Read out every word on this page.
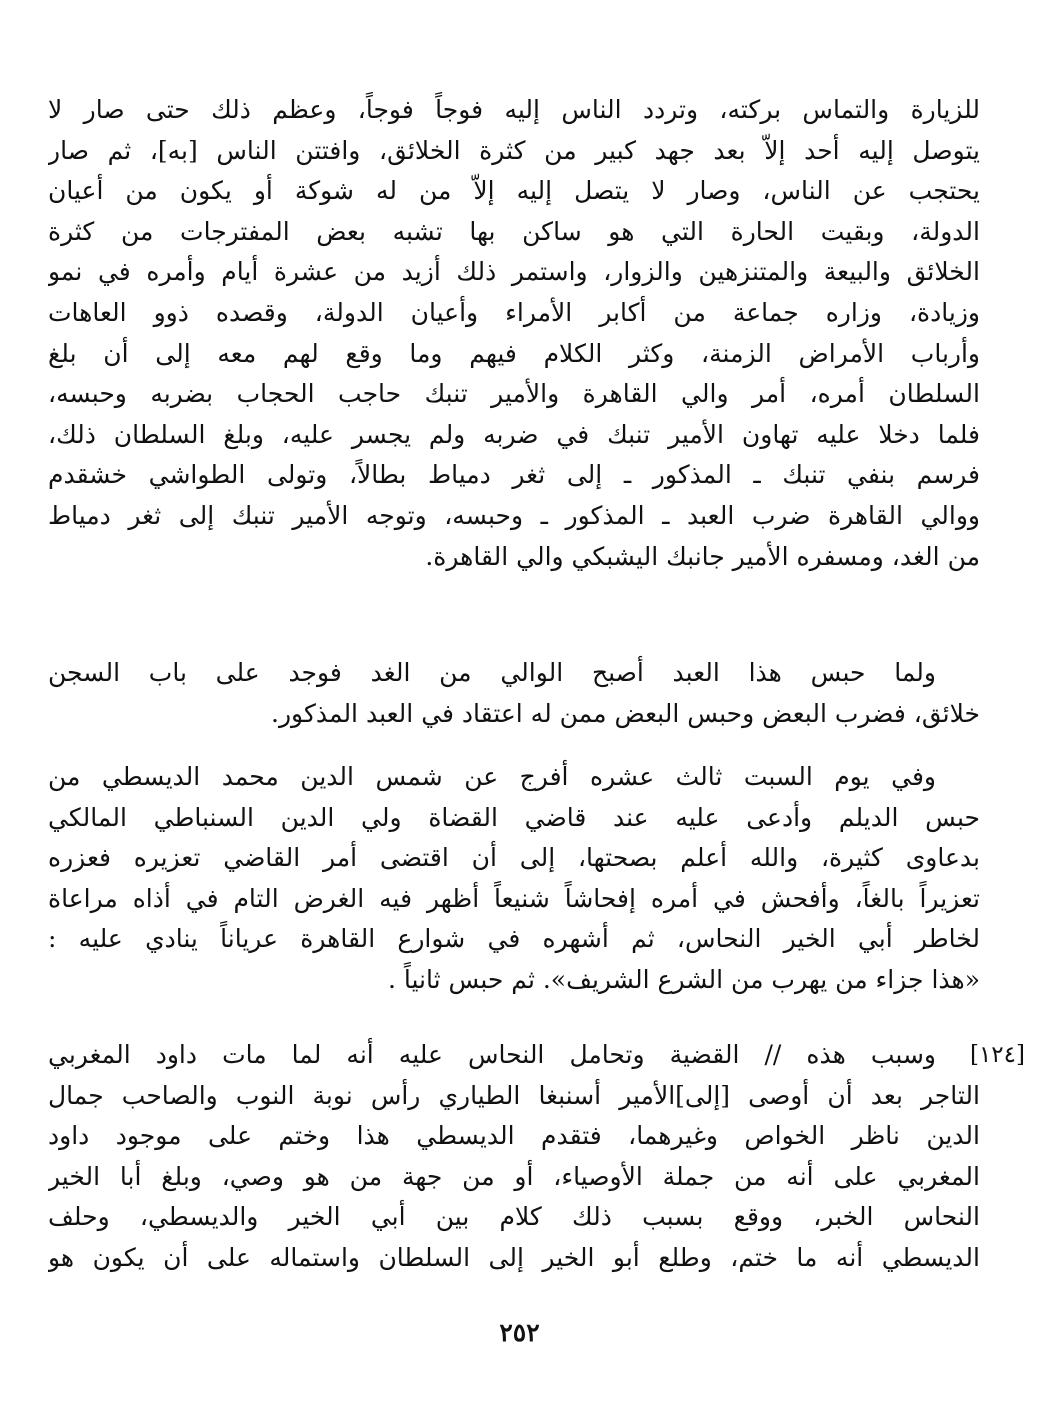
للزيارة والتماس بركته، وتردد الناس إليه فوجاً فوجاً، وعظم ذلك حتى صار لا
يتوصل إليه أحد إلاّ بعد جهد كبير من كثرة الخلائق، وافتتن الناس [به]، ثم صار
يحتجب عن الناس، وصار لا يتصل إليه إلاّ من له شوكة أو يكون من أعيان
الدولة، وبقيت الحارة التي هو ساكن بها تشبه بعض المفترجات من كثرة
الخلائق والبيعة والمتنزهين والزوار، واستمر ذلك أزيد من عشرة أيام وأمره في نمو
وزيادة، وزاره جماعة من أكابر الأمراء وأعيان الدولة، وقصده ذوو العاهات
وأرباب الأمراض الزمنة، وكثر الكلام فيهم وما وقع لهم معه إلى أن بلغ
السلطان أمره، أمر والي القاهرة والأمير تنبك حاجب الحجاب بضربه وحبسه،
فلما دخلا عليه تهاون الأمير تنبك في ضربه ولم يجسر عليه، وبلغ السلطان ذلك،
فرسم بنفي تنبك ـ المذكور ـ إلى ثغر دمياط بطالاً، وتولى الطواشي خشقدم
ووالي القاهرة ضرب العبد ـ المذكور ـ وحبسه، وتوجه الأمير تنبك إلى ثغر دمياط
من الغد، ومسفره الأمير جانبك اليشبكي والي القاهرة.
ولما حبس هذا العبد أصبح الوالي من الغد فوجد على باب السجن
خلائق، فضرب البعض وحبس البعض ممن له اعتقاد في العبد المذكور.
وفي يوم السبت ثالث عشره أفرج عن شمس الدين محمد الديسطي من
حبس الديلم وأدعى عليه عند قاضي القضاة ولي الدين السنباطي المالكي
بدعاوى كثيرة، والله أعلم بصحتها، إلى أن اقتضى أمر القاضي تعزيره فعزره
تعزيراً بالغاً، وأفحش في أمره إفحاشاً شنيعاً أظهر فيه الغرض التام في أذاه مراعاة
لخاطر أبي الخير النحاس، ثم أشهره في شوارع القاهرة عرياناً ينادي عليه :
«هذا جزاء من يهرب من الشرع الشريف». ثم حبس ثانياً .
[١٢٤]
وسبب هذه // القضية وتحامل النحاس عليه أنه لما مات داود المغربي
التاجر بعد أن أوصى [إلى]الأمير أسنبغا الطياري رأس نوبة النوب والصاحب جمال
الدين ناظر الخواص وغيرهما، فتقدم الديسطي هذا وختم على موجود داود
المغربي على أنه من جملة الأوصياء، أو من جهة من هو وصي، وبلغ أبا الخير
النحاس الخبر، ووقع بسبب ذلك كلام بين أبي الخير والديسطي، وحلف
الديسطي أنه ما ختم، وطلع أبو الخير إلى السلطان واستماله على أن يكون هو
٢٥٢
